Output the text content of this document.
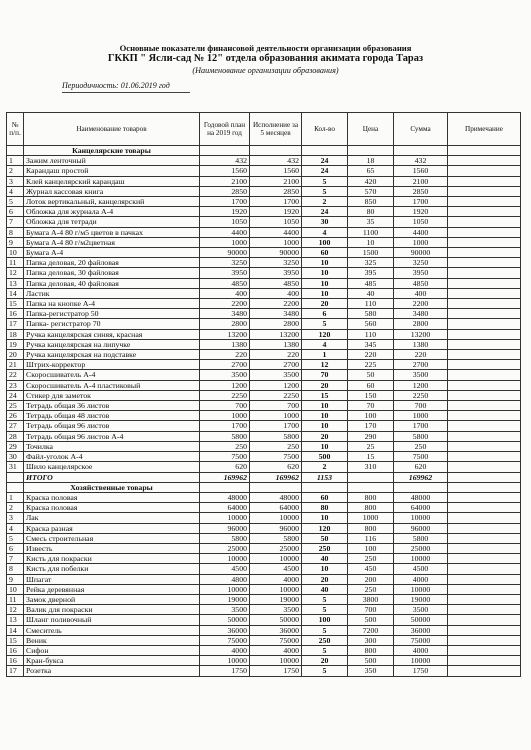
Основные показатели финансовой деятельности организации образования
ГККП " Ясли-сад № 12" отдела образования акимата города Тараз
(Наименование организации образования)
Периодичность: 01.06.2019 год
№ п/п.	Наименование товаров	Годовой план на 2019 год	Исполнение за 5 месяцев	Кол-во	Цена	Сумма	Примечание
	Канцелярские товары						
1	Зажим ленточный	432	432	24	18	432	
2	Карандаш простой	1560	1560	24	65	1560	
3	Клей канцелярский карандаш	2100	2100	5	420	2100	
4	Журнал кассовая книга	2850	2850	5	570	2850	
5	Лоток вертикальный, канцелярский	1700	1700	2	850	1700	
6	Обложка для журнала А-4	1920	1920	24	80	1920	
7	Обложка для тетради	1050	1050	30	35	1050	
8	Бумага А-4 80 г/м5 цветов в пачках	4400	4400	4	1100	4400	
9	Бумага А-4 80 г/м2цветная	1000	1000	100	10	1000	
10	Бумага А-4	90000	90000	60	1500	90000	
11	Папка деловая, 20 файловая	3250	3250	10	325	3250	
12	Папка деловая, 30 файловая	3950	3950	10	395	3950	
13	Папка деловая, 40 файловая	4850	4850	10	485	4850	
14	Ластик	400	400	10	40	400	
15	Папка на кнопке А-4	2200	2200	20	110	2200	
16	Папка-регистратор 50	3480	3480	6	580	3480	
17	Папка- регистратор 70	2800	2800	5	560	2800	
18	Ручка канцелярская синяя, красная	13200	13200	120	110	13200	
19	Ручка канцелярская на липучке	1380	1380	4	345	1380	
20	Ручка канцелярская на подставке	220	220	1	220	220	
21	Штрих-корректор	2700	2700	12	225	2700	
22	Скоросшиватель А-4	3500	3500	70	50	3500	
23	Скоросшиватель А-4 пластиковый	1200	1200	20	60	1200	
24	Стикер для заметок	2250	2250	15	150	2250	
25	Тетрадь общая 36 листов	700	700	10	70	700	
26	Тетрадь общая 48 листов	1000	1000	10	100	1000	
27	Тетрадь общая 96 листов	1700	1700	10	170	1700	
28	Тетрадь общая 96 листов А-4	5800	5800	20	290	5800	
29	Точилка	250	250	10	25	250	
30	Файл-уголок А-4	7500	7500	500	15	7500	
31	Шило канцелярское	620	620	2	310	620	
	ИТОГО	169962	169962	1153		169962	
	Хозяйственные товары						
1	Краска половая	48000	48000	60	800	48000	
2	Краска половая	64000	64000	80	800	64000	
3	Лак	10000	10000	10	1000	10000	
4	Краска разная	96000	96000	120	800	96000	
5	Смесь строительная	5800	5800	50	116	5800	
6	Известь	25000	25000	250	100	25000	
7	Кисть для покраски	10000	10000	40	250	10000	
8	Кисть для побелки	4500	4500	10	450	4500	
9	Шпагат	4800	4000	20	200	4000	
10	Рейка деревянная	10000	10000	40	250	10000	
11	Замок дверной	19000	19000	5	3800	19000	
12	Валик для покраски	3500	3500	5	700	3500	
13	Шланг поливочный	50000	50000	100	500	50000	
14	Смеситель	36000	36000	5	7200	36000	
15	Веник	75000	75000	250	300	75000	
16	Сифон	4000	4000	5	800	4000	
16	Кран-букса	10000	10000	20	500	10000	
17	Розетка	1750	1750	5	350	1750	
